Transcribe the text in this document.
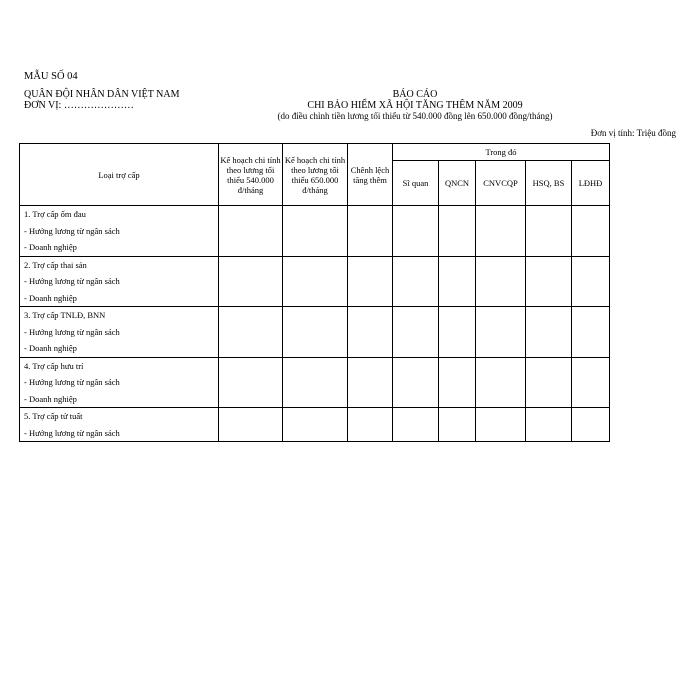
MẪU SỐ 04
QUÂN ĐỘI NHÂN DÂN VIỆT NAM
ĐƠN VỊ: …………………
BÁO CÁO
CHI BẢO HIỂM XÃ HỘI TĂNG THÊM NĂM 2009
(do điều chỉnh tiền lương tối thiểu từ 540.000 đồng lên 650.000 đồng/tháng)
Đơn vị tính: Triệu đồng
Loại trợ cấp	Kế hoạch chi tính theo lương tối thiểu 540.000 đ/tháng	Kế hoạch chi tính theo lương tối thiểu 650.000 đ/tháng	Chênh lệch tăng thêm	Trong đó				
				Sĩ quan	QNCN	CNVCQP	HSQ, BS	LĐHĐ

1. Trợ cấp ốm đau
- Hưởng lương từ ngân sách
- Doanh nghiệp								

2. Trợ cấp thai sản
- Hưởng lương từ ngân sách
- Doanh nghiệp								

3. Trợ cấp TNLĐ, BNN
- Hưởng lương từ ngân sách
- Doanh nghiệp								

4. Trợ cấp hưu trí
- Hưởng lương từ ngân sách
- Doanh nghiệp								

5. Trợ cấp tử tuất
- Hưởng lương từ ngân sách								
